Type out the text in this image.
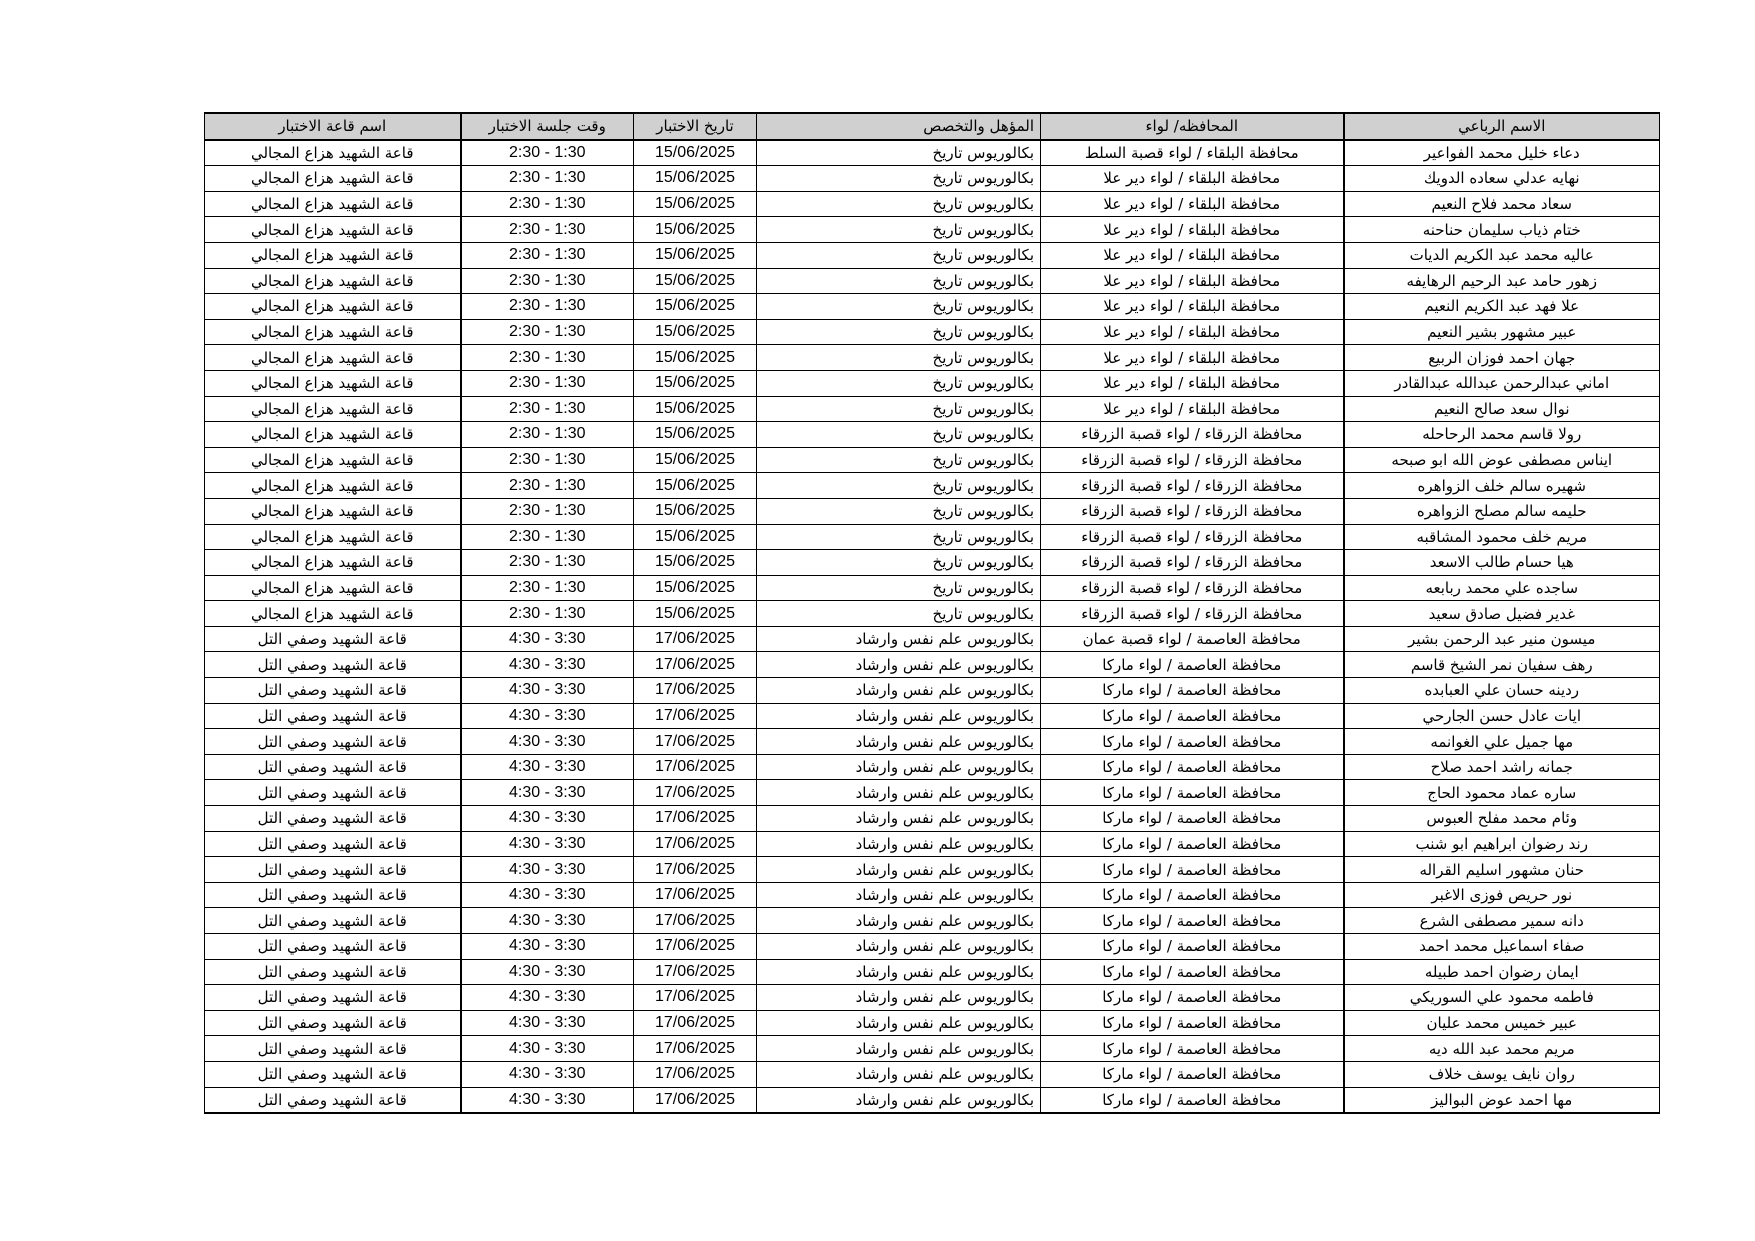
الاسم الرباعي	المحافظه/ لواء	المؤهل والتخصص	تاريخ الاختبار	وقت جلسة الاختبار	اسم قاعة الاختبار
دعاء خليل محمد الفواعير	محافظة البلقاء / لواء قصبة السلط	بكالوريوس تاريخ	15/06/2025	2:30 - 1:30	قاعة الشهيد هزاع المجالي
نهايه عدلي سعاده الدويك	محافظة البلقاء / لواء دير علا	بكالوريوس تاريخ	15/06/2025	2:30 - 1:30	قاعة الشهيد هزاع المجالي
سعاد محمد فلاح النعيم	محافظة البلقاء / لواء دير علا	بكالوريوس تاريخ	15/06/2025	2:30 - 1:30	قاعة الشهيد هزاع المجالي
ختام ذياب سليمان حناحنه	محافظة البلقاء / لواء دير علا	بكالوريوس تاريخ	15/06/2025	2:30 - 1:30	قاعة الشهيد هزاع المجالي
عاليه محمد عبد الكريم الديات	محافظة البلقاء / لواء دير علا	بكالوريوس تاريخ	15/06/2025	2:30 - 1:30	قاعة الشهيد هزاع المجالي
زهور حامد عبد الرحيم الرهايفه	محافظة البلقاء / لواء دير علا	بكالوريوس تاريخ	15/06/2025	2:30 - 1:30	قاعة الشهيد هزاع المجالي
علا فهد عبد الكريم النعيم	محافظة البلقاء / لواء دير علا	بكالوريوس تاريخ	15/06/2025	2:30 - 1:30	قاعة الشهيد هزاع المجالي
عبير مشهور بشير النعيم	محافظة البلقاء / لواء دير علا	بكالوريوس تاريخ	15/06/2025	2:30 - 1:30	قاعة الشهيد هزاع المجالي
جهان احمد فوزان الربيع	محافظة البلقاء / لواء دير علا	بكالوريوس تاريخ	15/06/2025	2:30 - 1:30	قاعة الشهيد هزاع المجالي
اماني عبدالرحمن عبدالله عبدالقادر	محافظة البلقاء / لواء دير علا	بكالوريوس تاريخ	15/06/2025	2:30 - 1:30	قاعة الشهيد هزاع المجالي
نوال سعد صالح النعيم	محافظة البلقاء / لواء دير علا	بكالوريوس تاريخ	15/06/2025	2:30 - 1:30	قاعة الشهيد هزاع المجالي
رولا قاسم محمد الرحاحله	محافظة الزرقاء / لواء قصبة الزرقاء	بكالوريوس تاريخ	15/06/2025	2:30 - 1:30	قاعة الشهيد هزاع المجالي
ايناس مصطفى عوض الله ابو صبحه	محافظة الزرقاء / لواء قصبة الزرقاء	بكالوريوس تاريخ	15/06/2025	2:30 - 1:30	قاعة الشهيد هزاع المجالي
شهيره سالم خلف الزواهره	محافظة الزرقاء / لواء قصبة الزرقاء	بكالوريوس تاريخ	15/06/2025	2:30 - 1:30	قاعة الشهيد هزاع المجالي
حليمه سالم مصلح الزواهره	محافظة الزرقاء / لواء قصبة الزرقاء	بكالوريوس تاريخ	15/06/2025	2:30 - 1:30	قاعة الشهيد هزاع المجالي
مريم خلف محمود المشاقبه	محافظة الزرقاء / لواء قصبة الزرقاء	بكالوريوس تاريخ	15/06/2025	2:30 - 1:30	قاعة الشهيد هزاع المجالي
هيا حسام طالب الاسعد	محافظة الزرقاء / لواء قصبة الزرقاء	بكالوريوس تاريخ	15/06/2025	2:30 - 1:30	قاعة الشهيد هزاع المجالي
ساجده علي محمد ربابعه	محافظة الزرقاء / لواء قصبة الزرقاء	بكالوريوس تاريخ	15/06/2025	2:30 - 1:30	قاعة الشهيد هزاع المجالي
غدير فضيل صادق سعيد	محافظة الزرقاء / لواء قصبة الزرقاء	بكالوريوس تاريخ	15/06/2025	2:30 - 1:30	قاعة الشهيد هزاع المجالي
ميسون منير عبد الرحمن بشير	محافظة العاصمة / لواء قصبة عمان	بكالوريوس علم نفس وارشاد	17/06/2025	4:30 - 3:30	قاعة الشهيد وصفي التل
رهف سفيان نمر الشيخ قاسم	محافظة العاصمة / لواء ماركا	بكالوريوس علم نفس وارشاد	17/06/2025	4:30 - 3:30	قاعة الشهيد وصفي التل
ردينه حسان علي العبابده	محافظة العاصمة / لواء ماركا	بكالوريوس علم نفس وارشاد	17/06/2025	4:30 - 3:30	قاعة الشهيد وصفي التل
ايات عادل حسن الجارحي	محافظة العاصمة / لواء ماركا	بكالوريوس علم نفس وارشاد	17/06/2025	4:30 - 3:30	قاعة الشهيد وصفي التل
مها جميل علي الغوانمه	محافظة العاصمة / لواء ماركا	بكالوريوس علم نفس وارشاد	17/06/2025	4:30 - 3:30	قاعة الشهيد وصفي التل
جمانه راشد احمد صلاح	محافظة العاصمة / لواء ماركا	بكالوريوس علم نفس وارشاد	17/06/2025	4:30 - 3:30	قاعة الشهيد وصفي التل
ساره عماد محمود الحاج	محافظة العاصمة / لواء ماركا	بكالوريوس علم نفس وارشاد	17/06/2025	4:30 - 3:30	قاعة الشهيد وصفي التل
وئام محمد مفلح العبوس	محافظة العاصمة / لواء ماركا	بكالوريوس علم نفس وارشاد	17/06/2025	4:30 - 3:30	قاعة الشهيد وصفي التل
رند رضوان ابراهيم ابو شنب	محافظة العاصمة / لواء ماركا	بكالوريوس علم نفس وارشاد	17/06/2025	4:30 - 3:30	قاعة الشهيد وصفي التل
حنان مشهور اسليم القراله	محافظة العاصمة / لواء ماركا	بكالوريوس علم نفس وارشاد	17/06/2025	4:30 - 3:30	قاعة الشهيد وصفي التل
نور حريص فوزى الاغبر	محافظة العاصمة / لواء ماركا	بكالوريوس علم نفس وارشاد	17/06/2025	4:30 - 3:30	قاعة الشهيد وصفي التل
دانه سمير مصطفى الشرع	محافظة العاصمة / لواء ماركا	بكالوريوس علم نفس وارشاد	17/06/2025	4:30 - 3:30	قاعة الشهيد وصفي التل
صفاء اسماعيل محمد احمد	محافظة العاصمة / لواء ماركا	بكالوريوس علم نفس وارشاد	17/06/2025	4:30 - 3:30	قاعة الشهيد وصفي التل
ايمان رضوان احمد طبيله	محافظة العاصمة / لواء ماركا	بكالوريوس علم نفس وارشاد	17/06/2025	4:30 - 3:30	قاعة الشهيد وصفي التل
فاطمه محمود علي السوريكي	محافظة العاصمة / لواء ماركا	بكالوريوس علم نفس وارشاد	17/06/2025	4:30 - 3:30	قاعة الشهيد وصفي التل
عبير خميس محمد عليان	محافظة العاصمة / لواء ماركا	بكالوريوس علم نفس وارشاد	17/06/2025	4:30 - 3:30	قاعة الشهيد وصفي التل
مريم محمد عبد الله ديه	محافظة العاصمة / لواء ماركا	بكالوريوس علم نفس وارشاد	17/06/2025	4:30 - 3:30	قاعة الشهيد وصفي التل
روان نايف يوسف خلاف	محافظة العاصمة / لواء ماركا	بكالوريوس علم نفس وارشاد	17/06/2025	4:30 - 3:30	قاعة الشهيد وصفي التل
مها احمد عوض البواليز	محافظة العاصمة / لواء ماركا	بكالوريوس علم نفس وارشاد	17/06/2025	4:30 - 3:30	قاعة الشهيد وصفي التل
